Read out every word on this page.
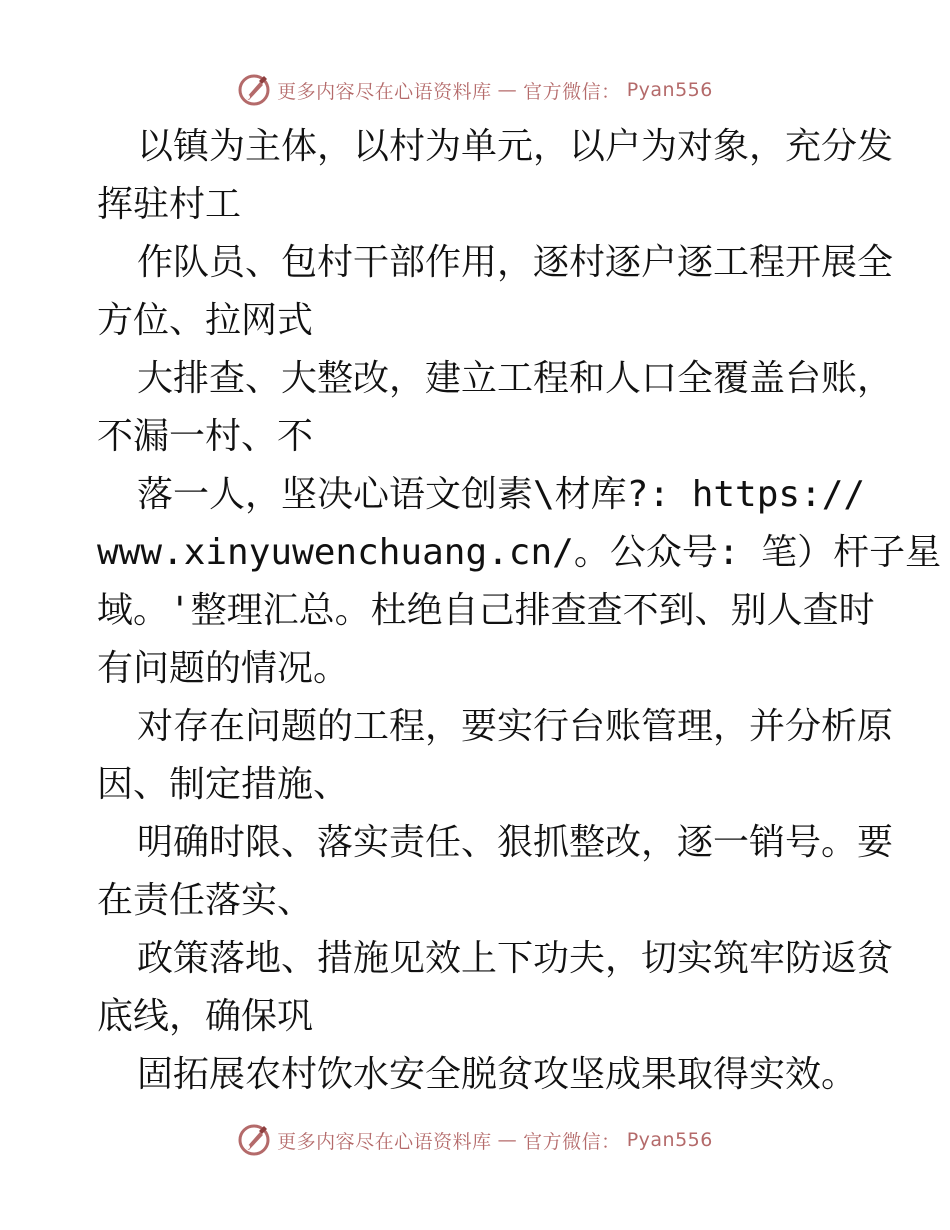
更多内容尽在心语资料库 — 官方微信： Pyan556
以镇为主体，以村为单元，以户为对象，充分发
挥驻村工
作队员、包村干部作用，逐村逐户逐工程开展全
方位、拉网式
大排查、大整改，建立工程和人口全覆盖台账，
不漏一村、不
落一人，坚决心语文创素\材库?: https://
www.xinyuwenchuang.cn/。公众号: 笔）杆子星
域。'整理汇总。杜绝自己排查查不到、别人查时
有问题的情况。
对存在问题的工程，要实行台账管理，并分析原
因、制定措施、
明确时限、落实责任、狠抓整改，逐一销号。要
在责任落实、
政策落地、措施见效上下功夫，切实筑牢防返贫
底线，确保巩
固拓展农村饮水安全脱贫攻坚成果取得实效。
更多内容尽在心语资料库 — 官方微信： Pyan556
